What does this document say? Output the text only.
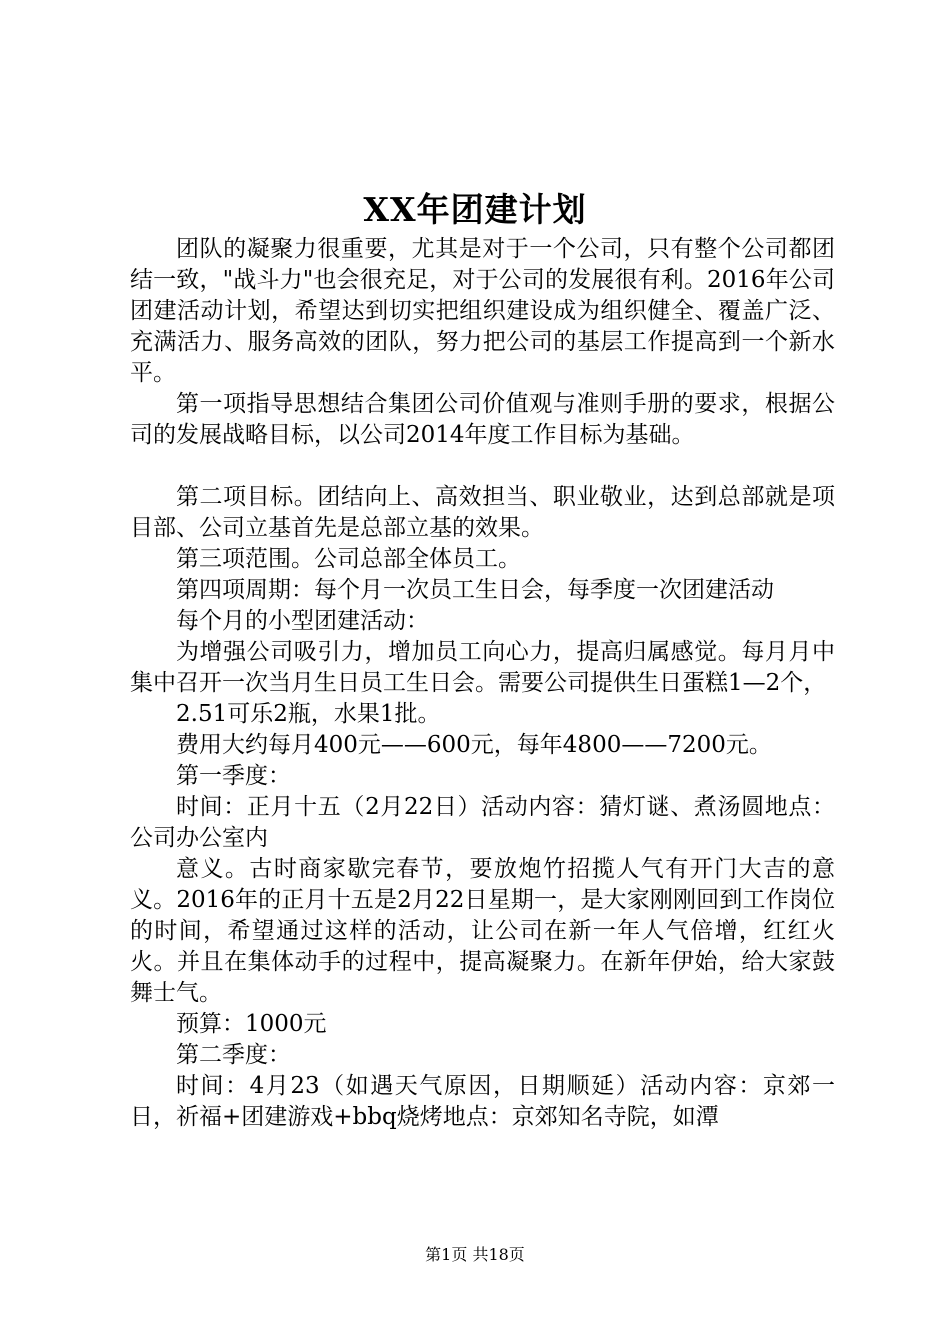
XX年团建计划

团队的凝聚力很重要，尤其是对于一个公司，只有整个公司都团结一致，"战斗力"也会很充足，对于公司的发展很有利。2016年公司团建活动计划，希望达到切实把组织建设成为组织健全、覆盖广泛、充满活力、服务高效的团队，努力把公司的基层工作提高到一个新水平。

第一项指导思想结合集团公司价值观与准则手册的要求，根据公司的发展战略目标，以公司2014年度工作目标为基础。

第二项目标。团结向上、高效担当、职业敬业，达到总部就是项目部、公司立基首先是总部立基的效果。

第三项范围。公司总部全体员工。

第四项周期：每个月一次员工生日会，每季度一次团建活动

每个月的小型团建活动：

为增强公司吸引力，增加员工向心力，提高归属感觉。每月月中集中召开一次当月生日员工生日会。需要公司提供生日蛋糕1—2个，

2.51可乐2瓶，水果1批。

费用大约每月400元——600元，每年4800——7200元。

第一季度：

时间：正月十五（2月22日）活动内容：猜灯谜、煮汤圆地点：公司办公室内

意义。古时商家歇完春节，要放炮竹招揽人气有开门大吉的意义。2016年的正月十五是2月22日星期一，是大家刚刚回到工作岗位的时间，希望通过这样的活动，让公司在新一年人气倍增，红红火火。并且在集体动手的过程中，提高凝聚力。在新年伊始，给大家鼓舞士气。

预算：1000元

第二季度：

时间：4月23（如遇天气原因，日期顺延）活动内容：京郊一日，祈福+团建游戏+bbq烧烤地点：京郊知名寺院，如潭

第1页 共18页
